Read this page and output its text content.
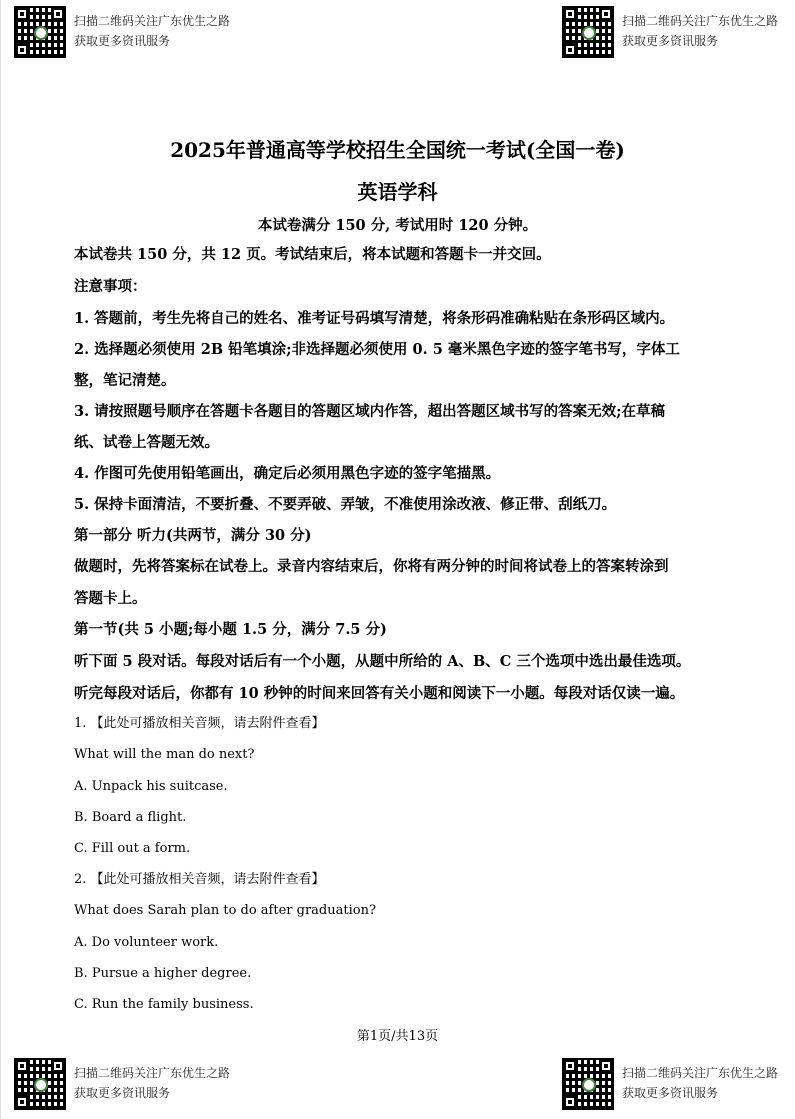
扫描二维码关注广东优生之路
获取更多资讯服务
扫描二维码关注广东优生之路
获取更多资讯服务
2025年普通高等学校招生全国统一考试(全国一卷)
英语学科
本试卷满分 150 分, 考试用时 120 分钟。
本试卷共 150 分，共 12 页。考试结束后，将本试题和答题卡一并交回。
注意事项：
1. 答题前，考生先将自己的姓名、准考证号码填写清楚，将条形码准确粘贴在条形码区域内。
2. 选择题必须使用 2B 铅笔填涂;非选择题必须使用 0. 5 毫米黑色字迹的签字笔书写，字体工
整，笔记清楚。
3. 请按照题号顺序在答题卡各题目的答题区域内作答，超出答题区域书写的答案无效;在草稿
纸、试卷上答题无效。
4. 作图可先使用铅笔画出，确定后必须用黑色字迹的签字笔描黑。
5. 保持卡面清洁，不要折叠、不要弄破、弄皱，不准使用涂改液、修正带、刮纸刀。
第一部分 听力(共两节，满分 30 分)
做题时，先将答案标在试卷上。录音内容结束后，你将有两分钟的时间将试卷上的答案转涂到
答题卡上。
第一节(共 5 小题;每小题 1.5 分，满分 7.5 分)
听下面 5 段对话。每段对话后有一个小题，从题中所给的 A、B、C 三个选项中选出最佳选项。
听完每段对话后，你都有 10 秒钟的时间来回答有关小题和阅读下一小题。每段对话仅读一遍。
1. 【此处可播放相关音频，请去附件查看】
What will the man do next?
A. Unpack his suitcase.
B. Board a flight.
C. Fill out a form.
2. 【此处可播放相关音频，请去附件查看】
What does Sarah plan to do after graduation?
A. Do volunteer work.
B. Pursue a higher degree.
C. Run the family business.
第1页/共13页
扫描二维码关注广东优生之路
获取更多资讯服务
扫描二维码关注广东优生之路
获取更多资讯服务
